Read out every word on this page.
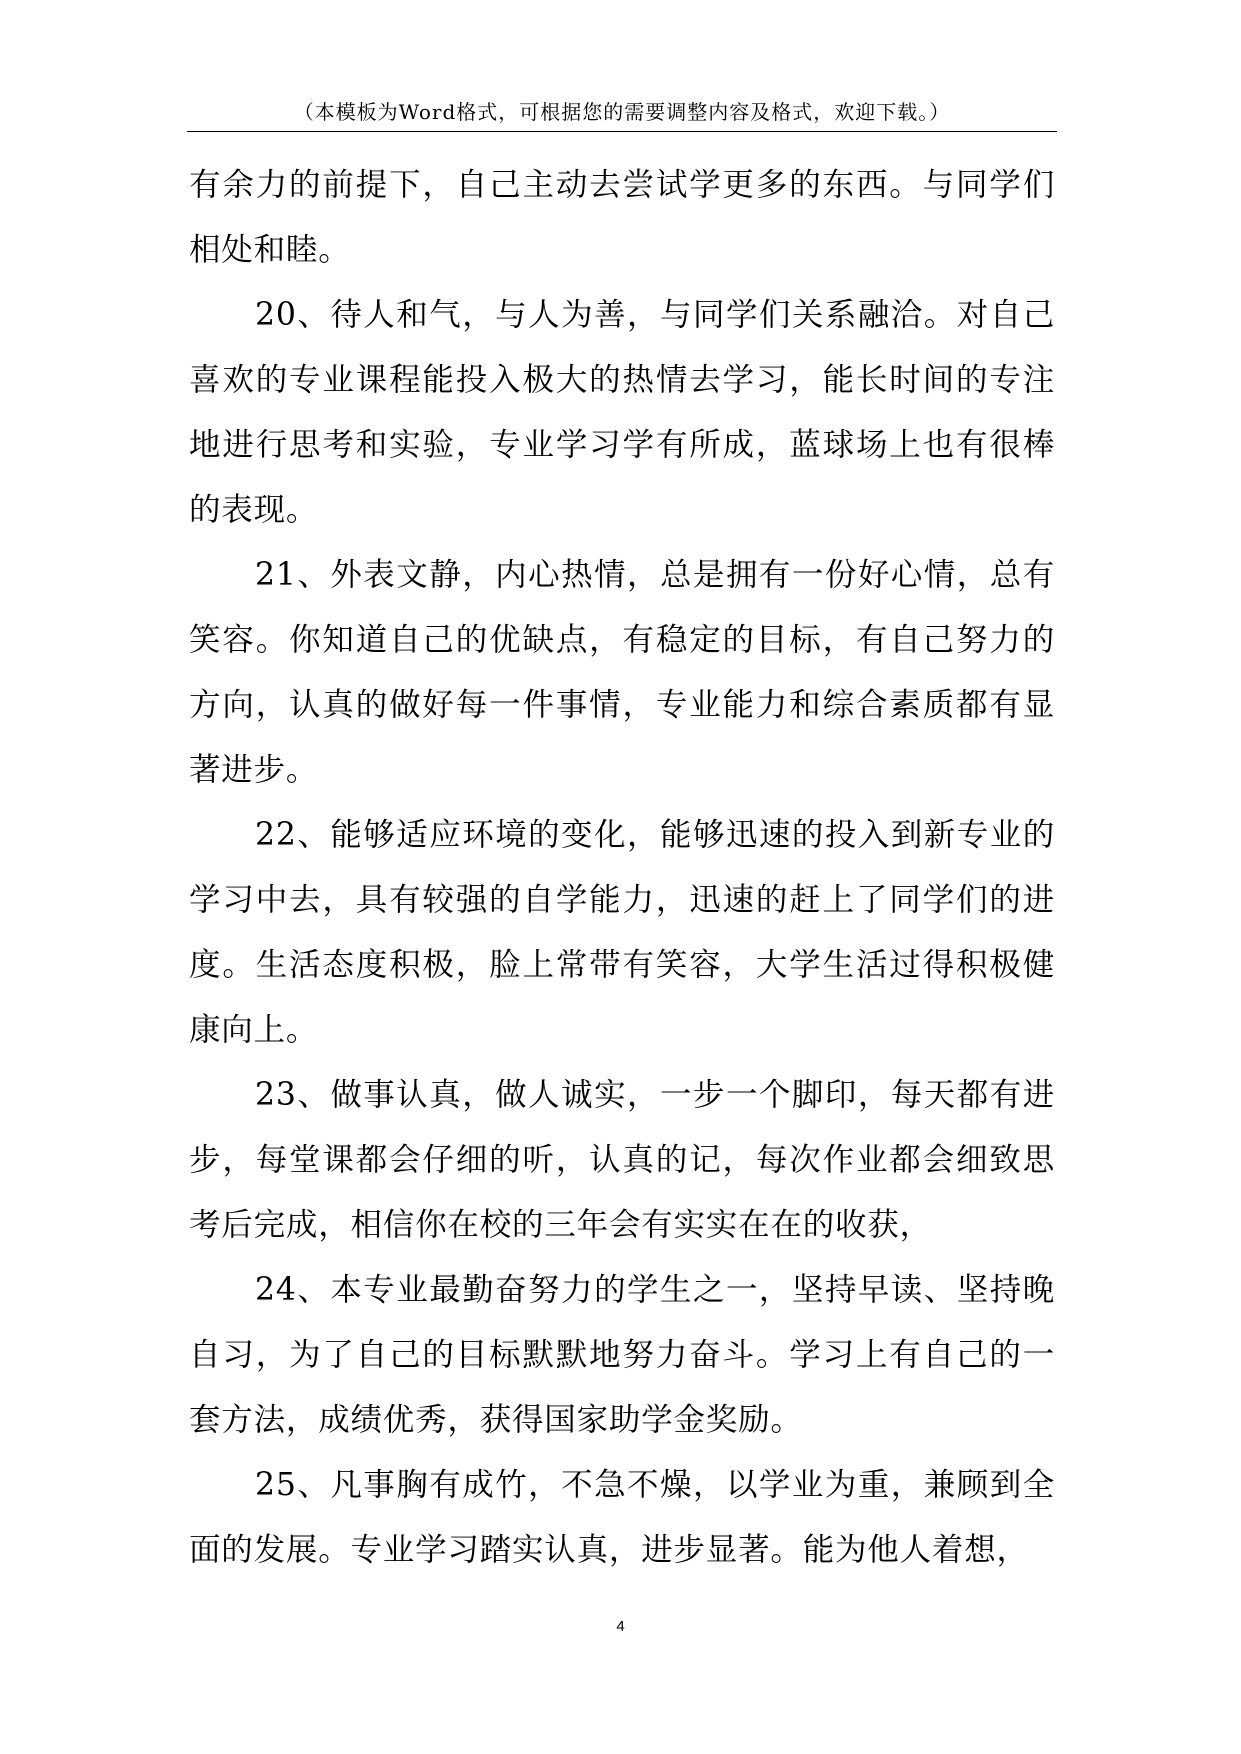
（本模板为Word格式，可根据您的需要调整内容及格式，欢迎下载。）

有余力的前提下，自己主动去尝试学更多的东西。与同学们相处和睦。

20、待人和气，与人为善，与同学们关系融洽。对自己喜欢的专业课程能投入极大的热情去学习，能长时间的专注地进行思考和实验，专业学习学有所成，蓝球场上也有很棒的表现。

21、外表文静，内心热情，总是拥有一份好心情，总有笑容。你知道自己的优缺点，有稳定的目标，有自己努力的方向，认真的做好每一件事情，专业能力和综合素质都有显著进步。

22、能够适应环境的变化，能够迅速的投入到新专业的学习中去，具有较强的自学能力，迅速的赶上了同学们的进度。生活态度积极，脸上常带有笑容，大学生活过得积极健康向上。

23、做事认真，做人诚实，一步一个脚印，每天都有进步，每堂课都会仔细的听，认真的记，每次作业都会细致思考后完成，相信你在校的三年会有实实在在的收获，

24、本专业最勤奋努力的学生之一，坚持早读、坚持晚自习，为了自己的目标默默地努力奋斗。学习上有自己的一套方法，成绩优秀，获得国家助学金奖励。

25、凡事胸有成竹，不急不燥，以学业为重，兼顾到全面的发展。专业学习踏实认真，进步显著。能为他人着想，

4
